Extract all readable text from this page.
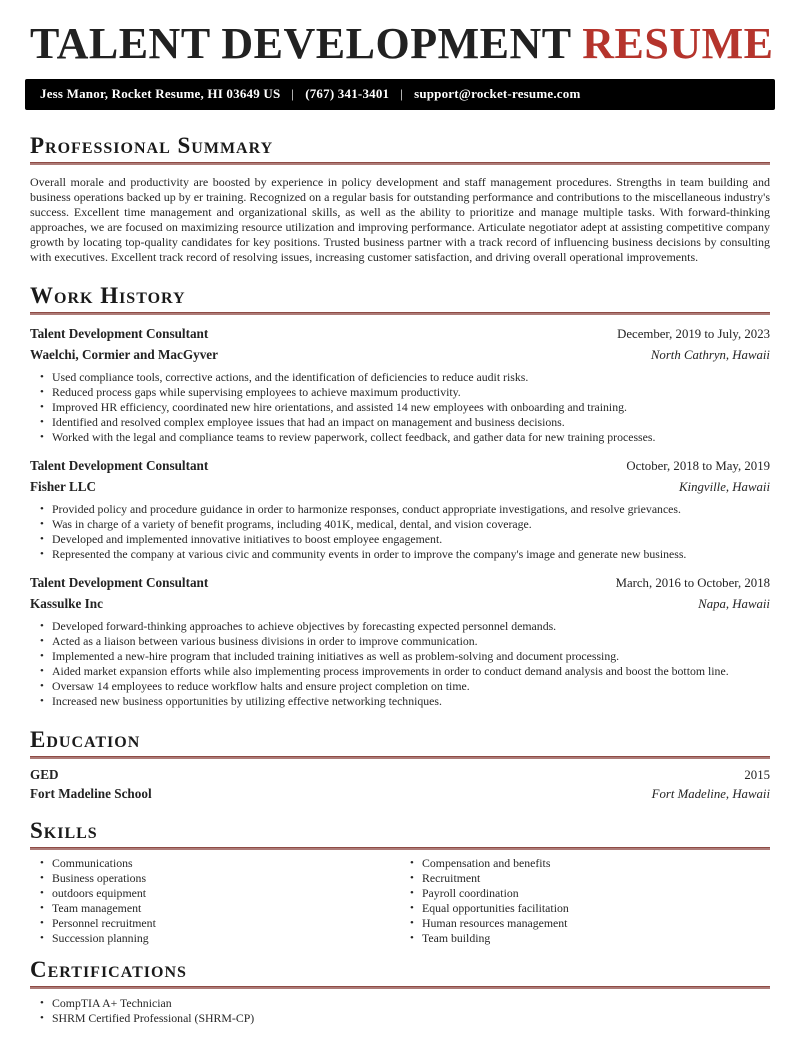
TALENT DEVELOPMENT RESUME
Jess Manor, Rocket Resume, HI 03649 US | (767) 341-3401 | support@rocket-resume.com
Professional Summary

Overall morale and productivity are boosted by experience in policy development and staff management procedures. Strengths in team building and business operations backed up by er training. Recognized on a regular basis for outstanding performance and contributions to the miscellaneous industry's success. Excellent time management and organizational skills, as well as the ability to prioritize and manage multiple tasks. With forward-thinking approaches, we are focused on maximizing resource utilization and improving performance. Articulate negotiator adept at assisting competitive company growth by locating top-quality candidates for key positions. Trusted business partner with a track record of influencing business decisions by consulting with executives. Excellent track record of resolving issues, increasing customer satisfaction, and driving overall operational improvements.

Work History
Talent Development Consultant	December, 2019 to July, 2023
Waelchi, Cormier and MacGyver	North Cathryn, Hawaii
• Used compliance tools, corrective actions, and the identification of deficiencies to reduce audit risks.
• Reduced process gaps while supervising employees to achieve maximum productivity.
• Improved HR efficiency, coordinated new hire orientations, and assisted 14 new employees with onboarding and training.
• Identified and resolved complex employee issues that had an impact on management and business decisions.
• Worked with the legal and compliance teams to review paperwork, collect feedback, and gather data for new training processes.
Talent Development Consultant	October, 2018 to May, 2019
Fisher LLC	Kingville, Hawaii
• Provided policy and procedure guidance in order to harmonize responses, conduct appropriate investigations, and resolve grievances.
• Was in charge of a variety of benefit programs, including 401K, medical, dental, and vision coverage.
• Developed and implemented innovative initiatives to boost employee engagement.
• Represented the company at various civic and community events in order to improve the company's image and generate new business.
Talent Development Consultant	March, 2016 to October, 2018
Kassulke Inc	Napa, Hawaii
• Developed forward-thinking approaches to achieve objectives by forecasting expected personnel demands.
• Acted as a liaison between various business divisions in order to improve communication.
• Implemented a new-hire program that included training initiatives as well as problem-solving and document processing.
• Aided market expansion efforts while also implementing process improvements in order to conduct demand analysis and boost the bottom line.
• Oversaw 14 employees to reduce workflow halts and ensure project completion on time.
• Increased new business opportunities by utilizing effective networking techniques.
Education
GED	2015
Fort Madeline School	Fort Madeline, Hawaii
Skills
• Communications
• Business operations
• outdoors equipment
• Team management
• Personnel recruitment
• Succession planning
• Compensation and benefits
• Recruitment
• Payroll coordination
• Equal opportunities facilitation
• Human resources management
• Team building
Certifications
• CompTIA A+ Technician
• SHRM Certified Professional (SHRM-CP)
